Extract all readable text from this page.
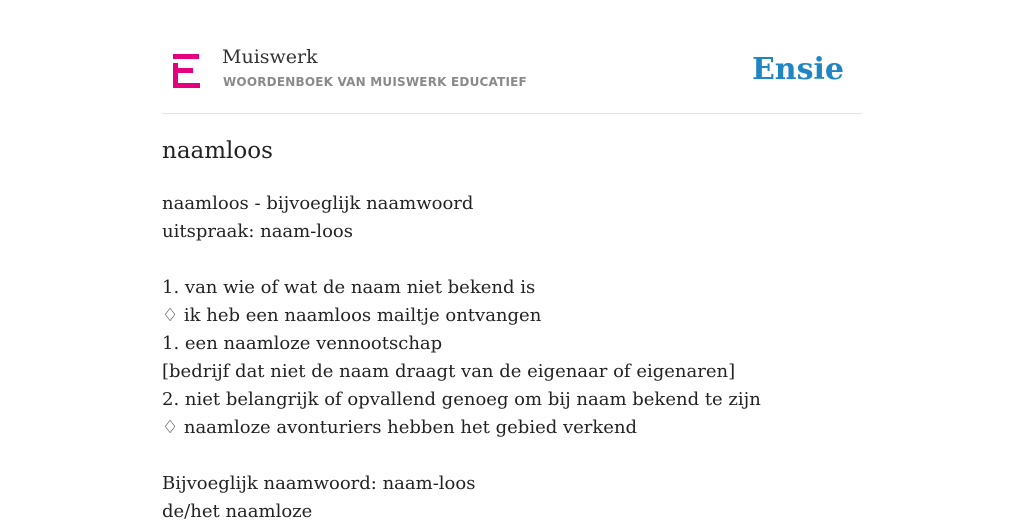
Muiswerk
WOORDENBOEK VAN MUISWERK EDUCATIEF	Ensie
naamloos
naamloos - bijvoeglijk naamwoord
uitspraak: naam-loos
1. van wie of wat de naam niet bekend is
♢ ik heb een naamloos mailtje ontvangen
1. een naamloze vennootschap
[bedrijf dat niet de naam draagt van de eigenaar of eigenaren]
2. niet belangrijk of opvallend genoeg om bij naam bekend te zijn
♢ naamloze avonturiers hebben het gebied verkend
Bijvoeglijk naamwoord: naam-loos
de/het naamloze
